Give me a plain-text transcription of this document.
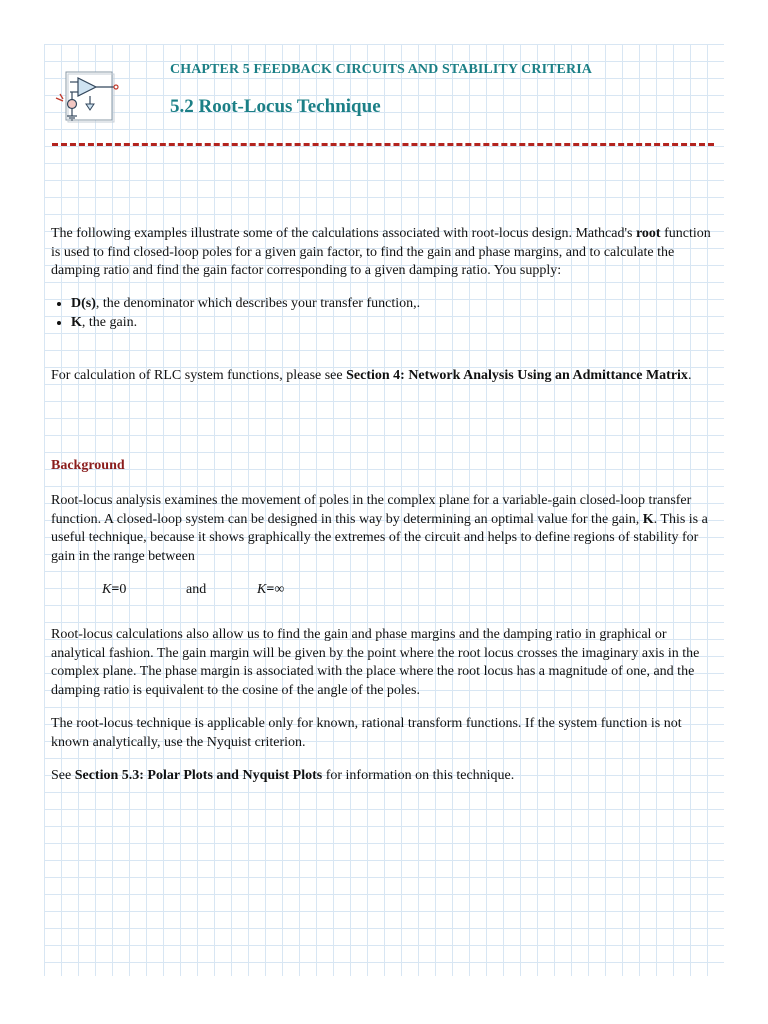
CHAPTER 5 FEEDBACK CIRCUITS AND STABILITY CRITERIA
5.2 Root-Locus Technique

The following examples illustrate some of the calculations associated with root-locus design. Mathcad's root function is used to find closed-loop poles for a given gain factor, to find the gain and phase margins, and to calculate the damping ratio and find the gain factor corresponding to a given damping ratio. You supply:

• D(s), the denominator which describes your transfer function,.
• K, the gain.

For calculation of RLC system functions, please see Section 4: Network Analysis Using an Admittance Matrix.

Background

Root-locus analysis examines the movement of poles in the complex plane for a variable-gain closed-loop transfer function. A closed-loop system can be designed in this way by determining an optimal value for the gain, K. This is a useful technique, because it shows graphically the extremes of the circuit and helps to define regions of stability for gain in the range between

K=0	and	K=∞

Root-locus calculations also allow us to find the gain and phase margins and the damping ratio in graphical or analytical fashion. The gain margin will be given by the point where the root locus crosses the imaginary axis in the complex plane. The phase margin is associated with the place where the root locus has a magnitude of one, and the damping ratio is equivalent to the cosine of the angle of the poles.

The root-locus technique is applicable only for known, rational transform functions. If the system function is not known analytically, use the Nyquist criterion.

See Section 5.3: Polar Plots and Nyquist Plots for information on this technique.
